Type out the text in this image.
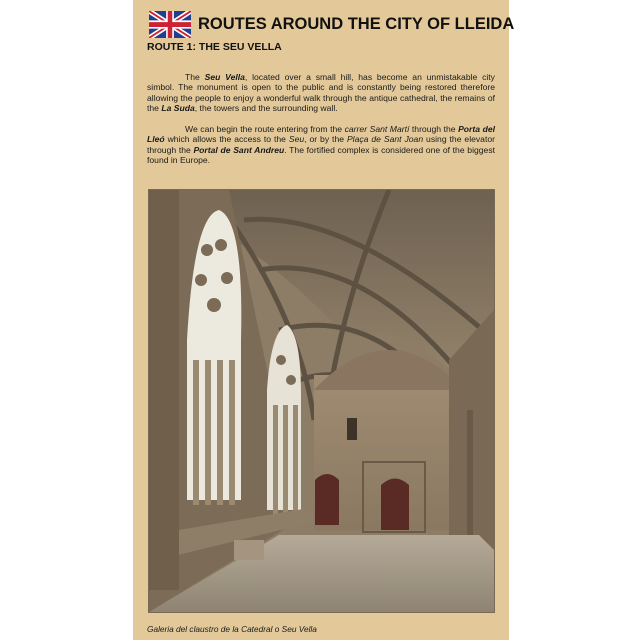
ROUTES AROUND THE CITY OF LLEIDA
ROUTE 1: THE SEU VELLA

The Seu Vella, located over a small hill, has become an unmistakable city simbol. The monument is open to the public and is constantly being restored therefore allowing the people to enjoy a wonderful walk through the antique cathedral, the remains of the La Suda, the towers and the surrounding wall.

We can begin the route entering from the carrer Sant Martí through the Porta del Lleó which allows the access to the Seu, or by the Plaça de Sant Joan using the elevator through the Portal de Sant Andreu. The fortified complex is considered one of the biggest found in Europe.

Galeria del claustro de la Catedral o Seu Vella
